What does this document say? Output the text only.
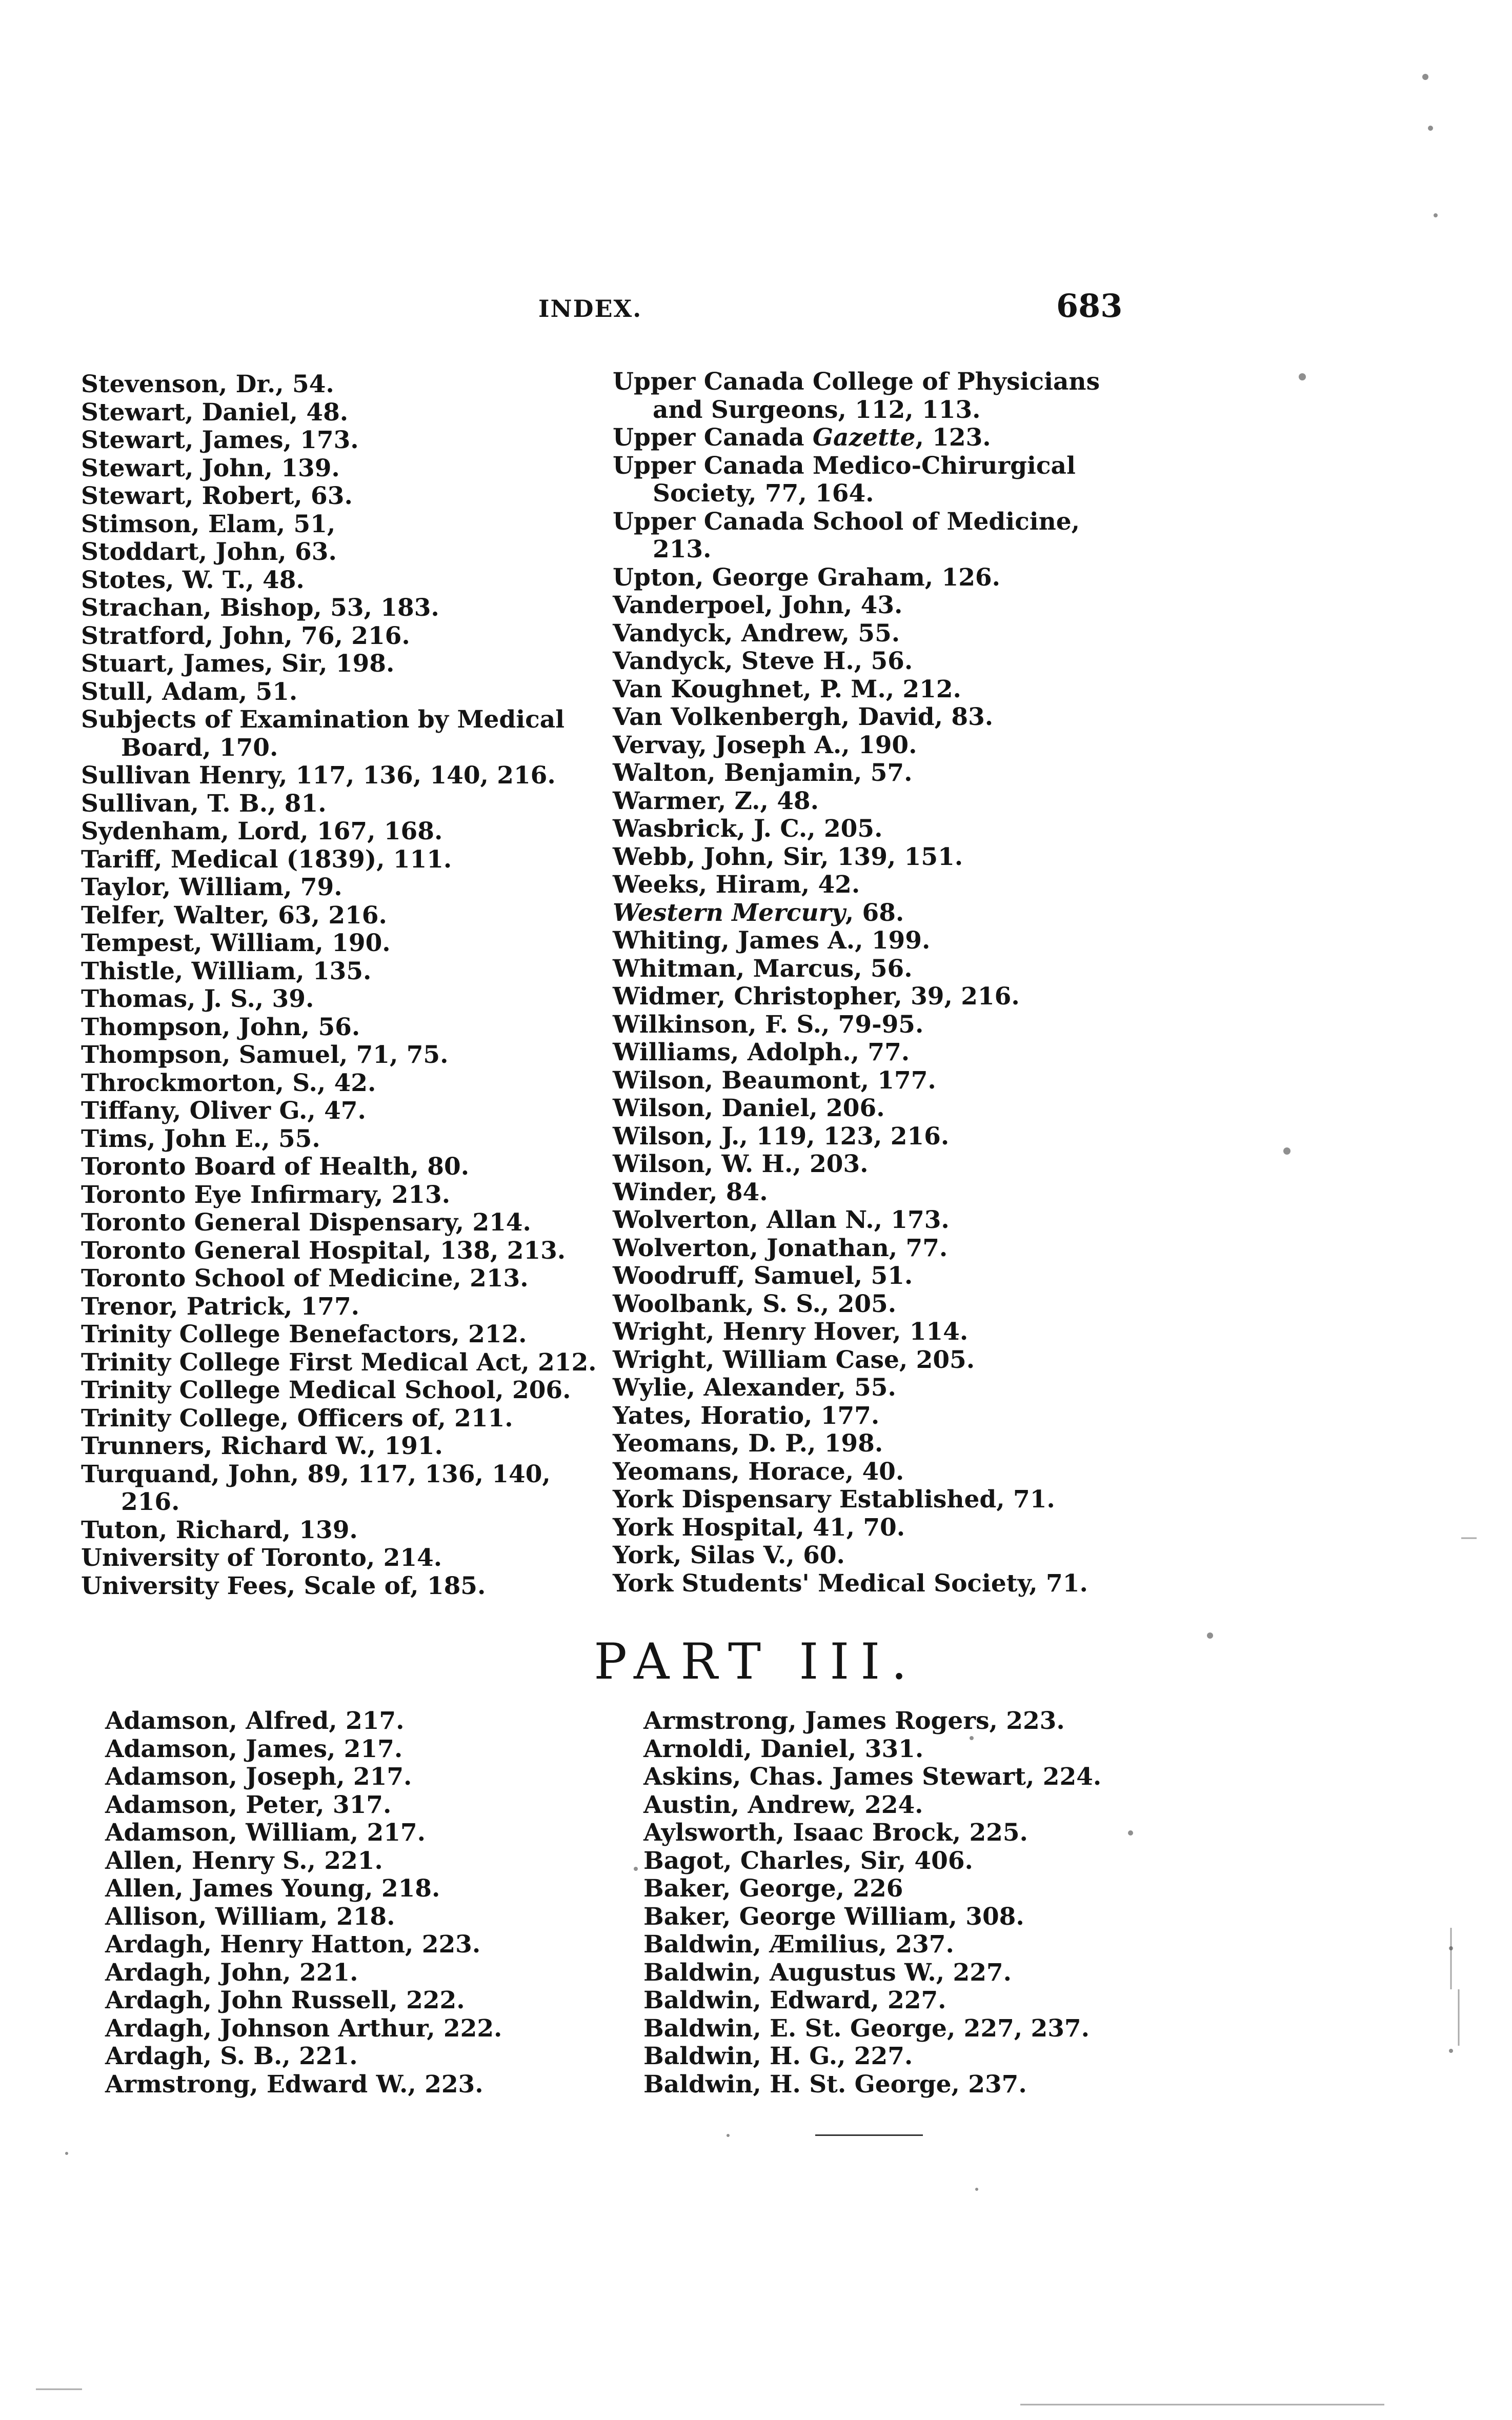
INDEX.	683
Stevenson, Dr., 54.
Stewart, Daniel, 48.
Stewart, James, 173.
Stewart, John, 139.
Stewart, Robert, 63.
Stimson, Elam, 51,
Stoddart, John, 63.
Stotes, W. T., 48.
Strachan, Bishop, 53, 183.
Stratford, John, 76, 216.
Stuart, James, Sir, 198.
Stull, Adam, 51.
Subjects of Examination by Medical Board, 170.
Sullivan Henry, 117, 136, 140, 216.
Sullivan, T. B., 81.
Sydenham, Lord, 167, 168.
Tariff, Medical (1839), 111.
Taylor, William, 79.
Telfer, Walter, 63, 216.
Tempest, William, 190.
Thistle, William, 135.
Thomas, J. S., 39.
Thompson, John, 56.
Thompson, Samuel, 71, 75.
Throckmorton, S., 42.
Tiffany, Oliver G., 47.
Tims, John E., 55.
Toronto Board of Health, 80.
Toronto Eye Infirmary, 213.
Toronto General Dispensary, 214.
Toronto General Hospital, 138, 213.
Toronto School of Medicine, 213.
Trenor, Patrick, 177.
Trinity College Benefactors, 212.
Trinity College First Medical Act, 212.
Trinity College Medical School, 206.
Trinity College, Officers of, 211.
Trunners, Richard W., 191.
Turquand, John, 89, 117, 136, 140, 216.
Tuton, Richard, 139.
University of Toronto, 214.
University Fees, Scale of, 185.
Upper Canada College of Physicians and Surgeons, 112, 113.
Upper Canada Gazette, 123.
Upper Canada Medico-Chirurgical Society, 77, 164.
Upper Canada School of Medicine, 213.
Upton, George Graham, 126.
Vanderpoel, John, 43.
Vandyck, Andrew, 55.
Vandyck, Steve H., 56.
Van Koughnet, P. M., 212.
Van Volkenbergh, David, 83.
Vervay, Joseph A., 190.
Walton, Benjamin, 57.
Warmer, Z., 48.
Wasbrick, J. C., 205.
Webb, John, Sir, 139, 151.
Weeks, Hiram, 42.
Western Mercury, 68.
Whiting, James A., 199.
Whitman, Marcus, 56.
Widmer, Christopher, 39, 216.
Wilkinson, F. S., 79-95.
Williams, Adolph., 77.
Wilson, Beaumont, 177.
Wilson, Daniel, 206.
Wilson, J., 119, 123, 216.
Wilson, W. H., 203.
Winder, 84.
Wolverton, Allan N., 173.
Wolverton, Jonathan, 77.
Woodruff, Samuel, 51.
Woolbank, S. S., 205.
Wright, Henry Hover, 114.
Wright, William Case, 205.
Wylie, Alexander, 55.
Yates, Horatio, 177.
Yeomans, D. P., 198.
Yeomans, Horace, 40.
York Dispensary Established, 71.
York Hospital, 41, 70.
York, Silas V., 60.
York Students' Medical Society, 71.
PART III.
Adamson, Alfred, 217.
Adamson, James, 217.
Adamson, Joseph, 217.
Adamson, Peter, 317.
Adamson, William, 217.
Allen, Henry S., 221.
Allen, James Young, 218.
Allison, William, 218.
Ardagh, Henry Hatton, 223.
Ardagh, John, 221.
Ardagh, John Russell, 222.
Ardagh, Johnson Arthur, 222.
Ardagh, S. B., 221.
Armstrong, Edward W., 223.
Armstrong, James Rogers, 223.
Arnoldi, Daniel, 331.
Askins, Chas. James Stewart, 224.
Austin, Andrew, 224.
Aylsworth, Isaac Brock, 225.
Bagot, Charles, Sir, 406.
Baker, George, 226
Baker, George William, 308.
Baldwin, Æmilius, 237.
Baldwin, Augustus W., 227.
Baldwin, Edward, 227.
Baldwin, E. St. George, 227, 237.
Baldwin, H. G., 227.
Baldwin, H. St. George, 237.
